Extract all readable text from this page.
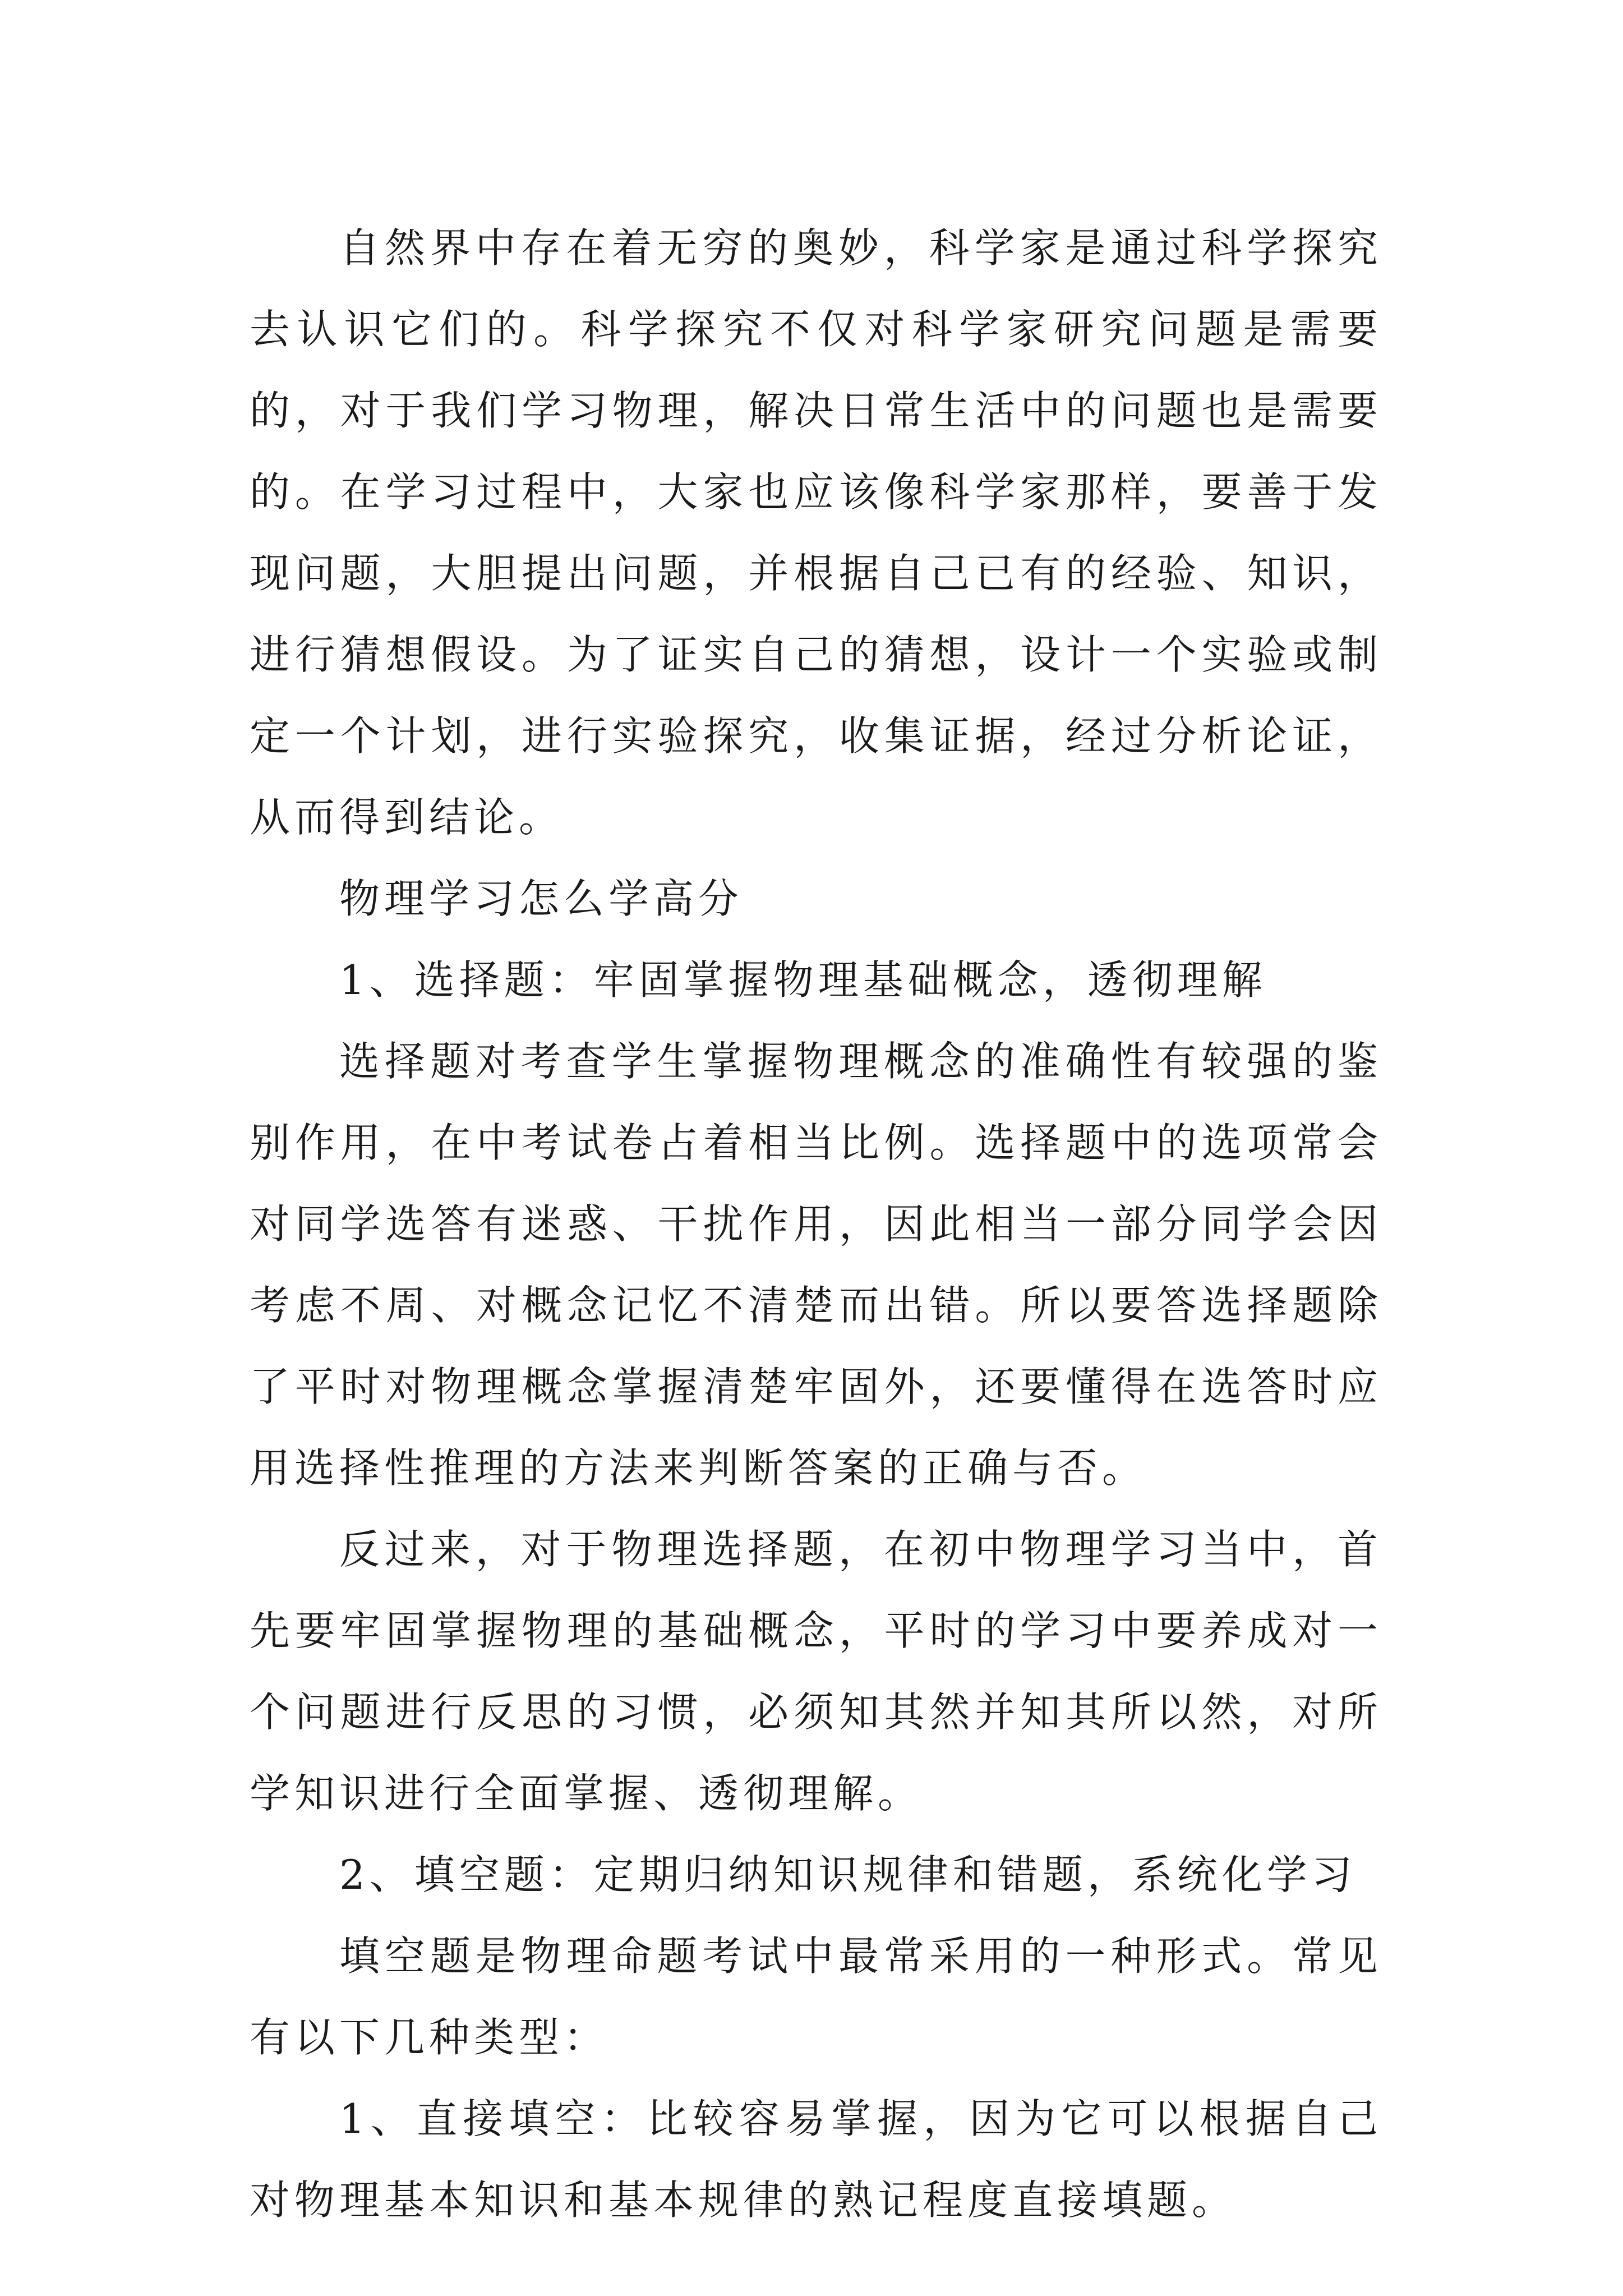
自然界中存在着无穷的奥妙，科学家是通过科学探究去认识它们的。科学探究不仅对科学家研究问题是需要的，对于我们学习物理，解决日常生活中的问题也是需要的。在学习过程中，大家也应该像科学家那样，要善于发现问题，大胆提出问题，并根据自己已有的经验、知识，进行猜想假设。为了证实自己的猜想，设计一个实验或制定一个计划，进行实验探究，收集证据，经过分析论证，从而得到结论。

物理学习怎么学高分

1、选择题：牢固掌握物理基础概念，透彻理解

选择题对考查学生掌握物理概念的准确性有较强的鉴别作用，在中考试卷占着相当比例。选择题中的选项常会对同学选答有迷惑、干扰作用，因此相当一部分同学会因考虑不周、对概念记忆不清楚而出错。所以要答选择题除了平时对物理概念掌握清楚牢固外，还要懂得在选答时应用选择性推理的方法来判断答案的正确与否。

反过来，对于物理选择题，在初中物理学习当中，首先要牢固掌握物理的基础概念，平时的学习中要养成对一个问题进行反思的习惯，必须知其然并知其所以然，对所学知识进行全面掌握、透彻理解。

2、填空题：定期归纳知识规律和错题，系统化学习

填空题是物理命题考试中最常采用的一种形式。常见有以下几种类型：

1、直接填空：比较容易掌握，因为它可以根据自己对物理基本知识和基本规律的熟记程度直接填题。
